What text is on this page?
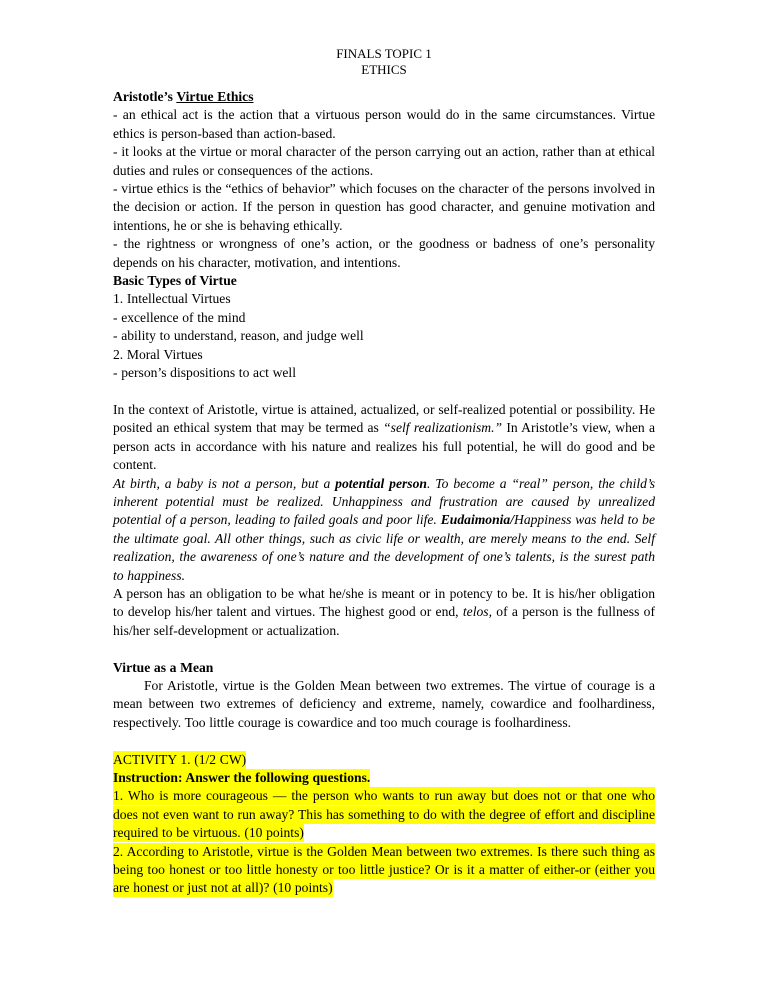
FINALS TOPIC 1
ETHICS

Aristotle’s Virtue Ethics

- an ethical act is the action that a virtuous person would do in the same circumstances. Virtue ethics is person-based than action-based.

- it looks at the virtue or moral character of the person carrying out an action, rather than at ethical duties and rules or consequences of the actions.

- virtue ethics is the “ethics of behavior” which focuses on the character of the persons involved in the decision or action. If the person in question has good character, and genuine motivation and intentions, he or she is behaving ethically.

- the rightness or wrongness of one’s action, or the goodness or badness of one’s personality depends on his character, motivation, and intentions.

Basic Types of Virtue

1. Intellectual Virtues

- excellence of the mind

- ability to understand, reason, and judge well

2. Moral Virtues

- person’s dispositions to act well

In the context of Aristotle, virtue is attained, actualized, or self-realized potential or possibility. He posited an ethical system that may be termed as “self realizationism.” In Aristotle’s view, when a person acts in accordance with his nature and realizes his full potential, he will do good and be content.

At birth, a baby is not a person, but a potential person. To become a “real” person, the child’s inherent potential must be realized. Unhappiness and frustration are caused by unrealized potential of a person, leading to failed goals and poor life. Eudaimonia/Happiness was held to be the ultimate goal. All other things, such as civic life or wealth, are merely means to the end. Self realization, the awareness of one’s nature and the development of one’s talents, is the surest path to happiness.

A person has an obligation to be what he/she is meant or in potency to be. It is his/her obligation to develop his/her talent and virtues. The highest good or end, telos, of a person is the fullness of his/her self-development or actualization.

Virtue as a Mean

For Aristotle, virtue is the Golden Mean between two extremes. The virtue of courage is a mean between two extremes of deficiency and extreme, namely, cowardice and foolhardiness, respectively. Too little courage is cowardice and too much courage is foolhardiness.

ACTIVITY 1. (1/2 CW)

Instruction: Answer the following questions.

1. Who is more courageous — the person who wants to run away but does not or that one who does not even want to run away? This has something to do with the degree of effort and discipline required to be virtuous. (10 points)

2. According to Aristotle, virtue is the Golden Mean between two extremes. Is there such thing as being too honest or too little honesty or too little justice? Or is it a matter of either-or (either you are honest or just not at all)? (10 points)
